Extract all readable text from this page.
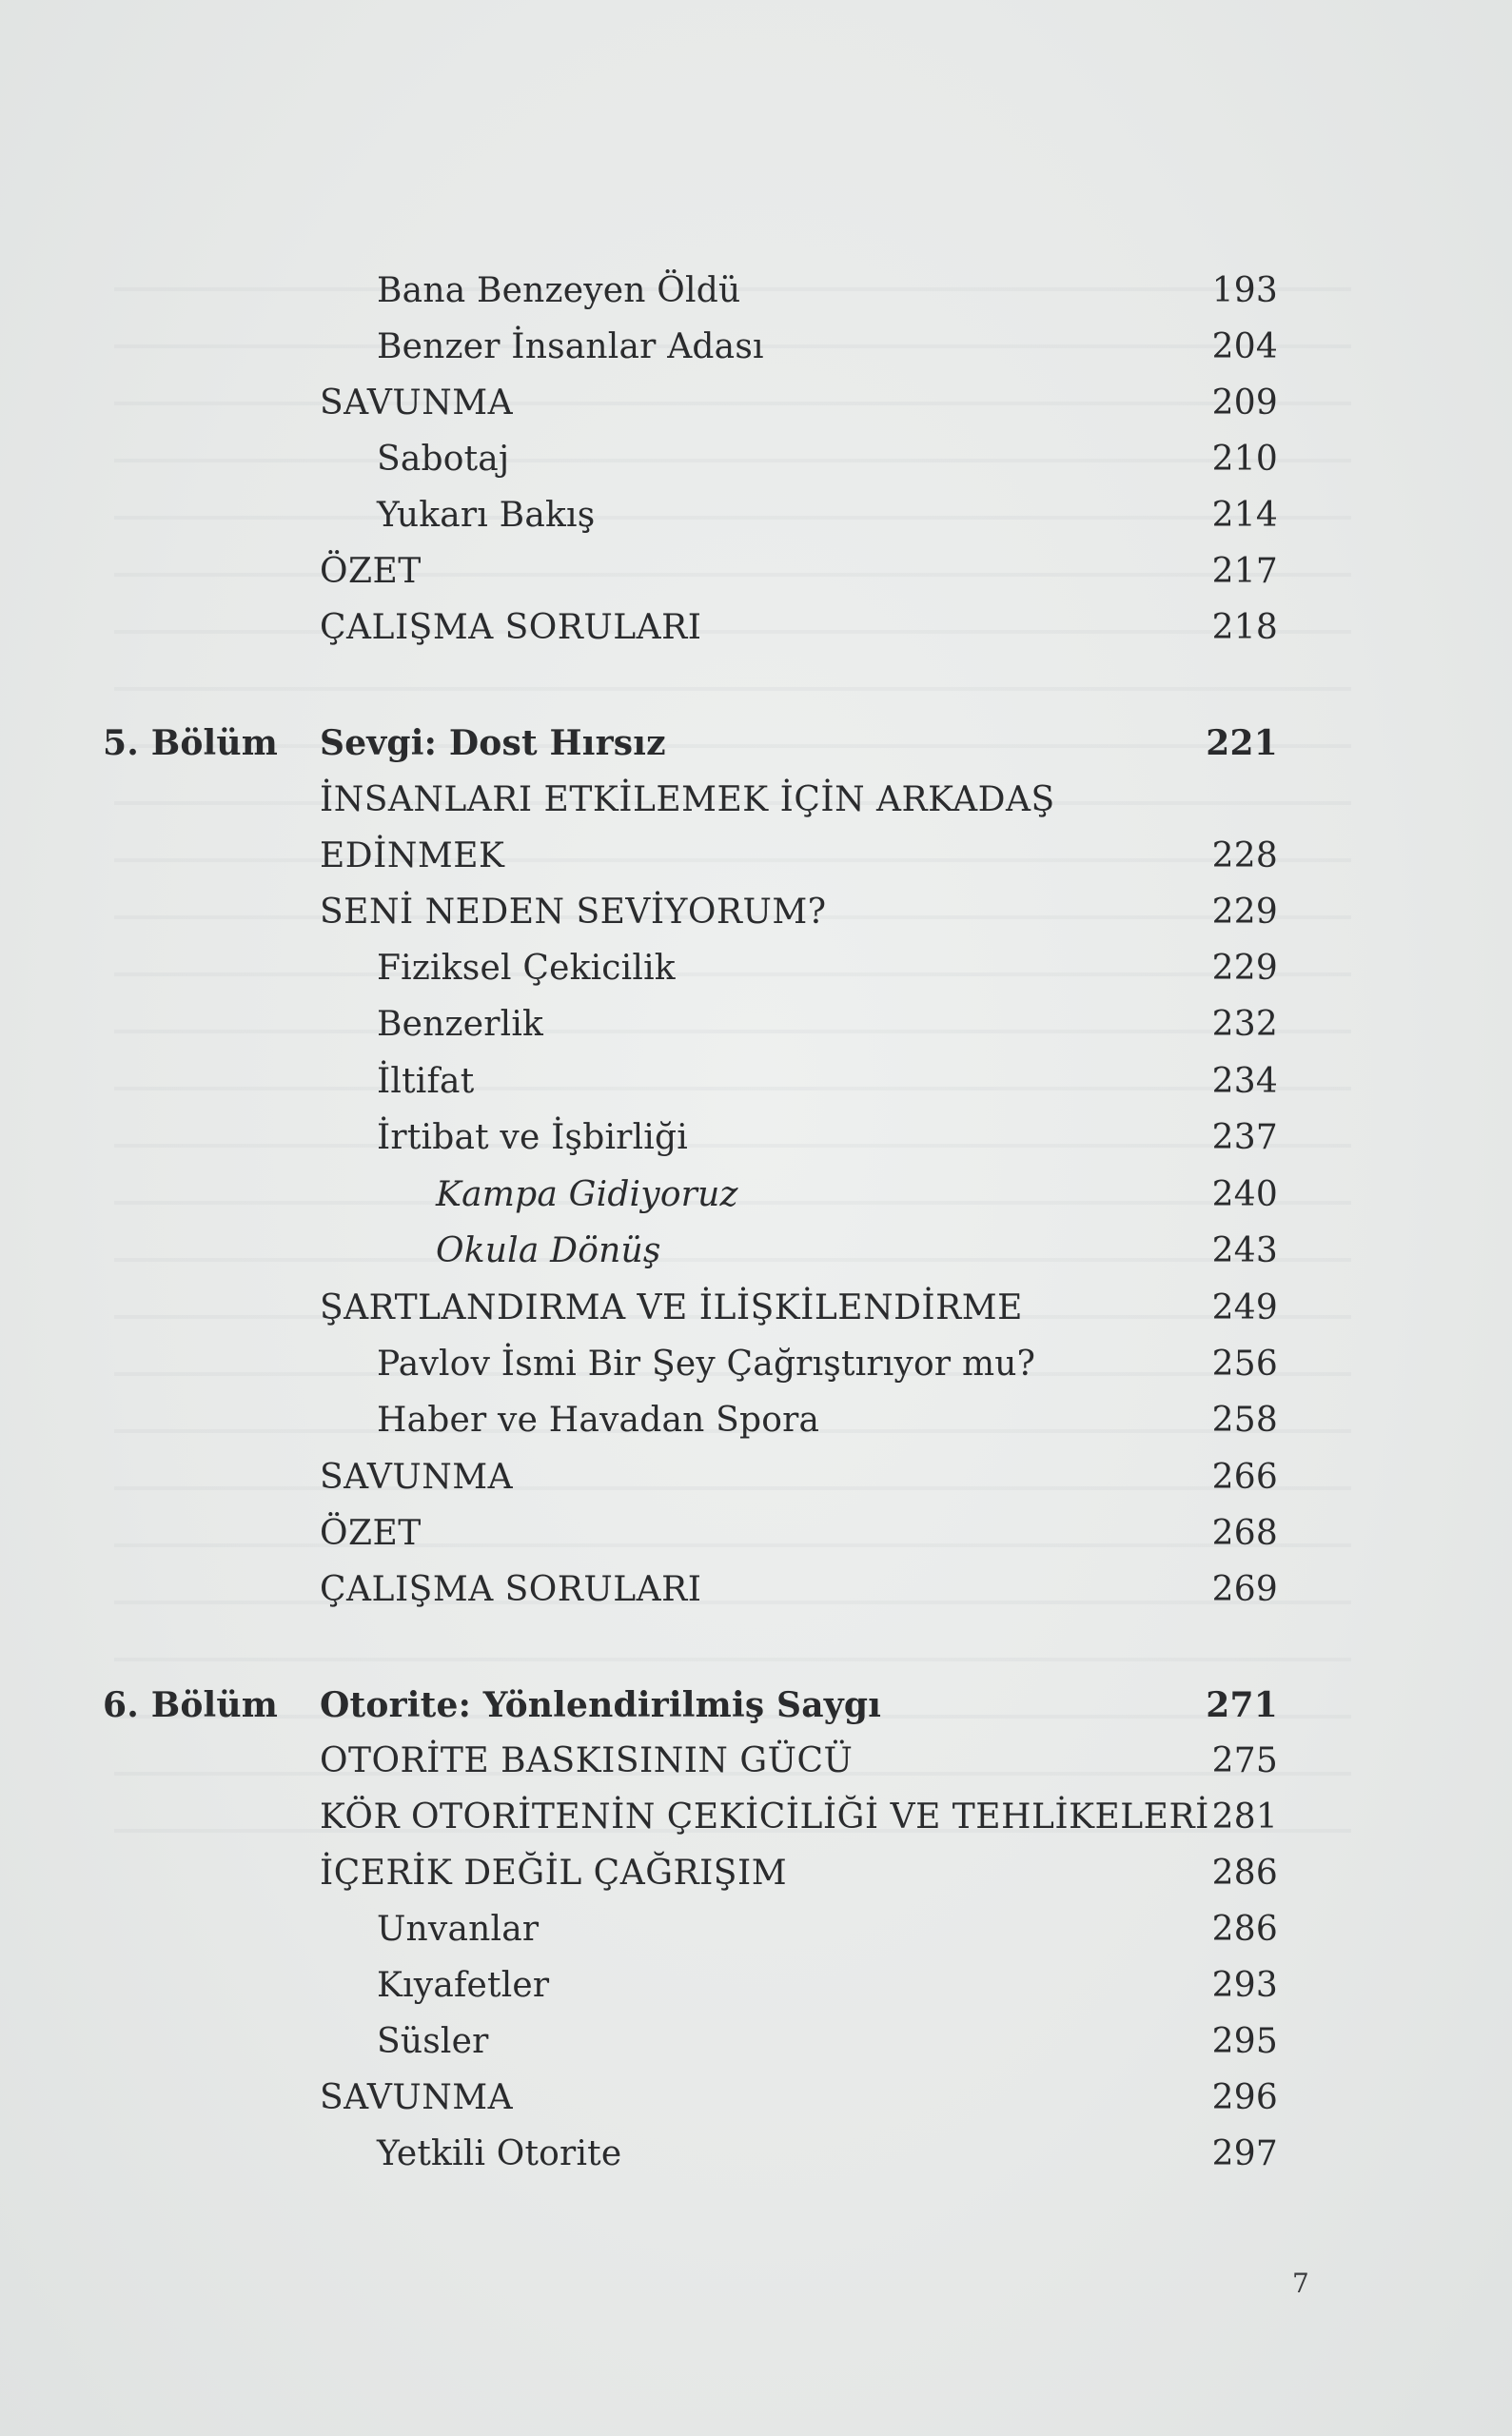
Bana Benzeyen Öldü	193
Benzer İnsanlar Adası	204
SAVUNMA	209
Sabotaj	210
Yukarı Bakış	214
ÖZET	217
ÇALIŞMA SORULARI	218
5. Bölüm Sevgi: Dost Hırsız	221
İNSANLARI ETKİLEMEK İÇİN ARKADAŞ
EDİNMEK	228
SENİ NEDEN SEVİYORUM?	229
Fiziksel Çekicilik	229
Benzerlik	232
İltifat	234
İrtibat ve İşbirliği	237
Kampa Gidiyoruz	240
Okula Dönüş	243
ŞARTLANDIRMA VE İLİŞKİLENDİRME	249
Pavlov İsmi Bir Şey Çağrıştırıyor mu?	256
Haber ve Havadan Spora	258
SAVUNMA	266
ÖZET	268
ÇALIŞMA SORULARI	269
6. Bölüm Otorite: Yönlendirilmiş Saygı	271
OTORİTE BASKISININ GÜCÜ	275
KÖR OTORİTENİN ÇEKİCİLİĞİ VE TEHLİKELERİ 281
İÇERİK DEĞİL ÇAĞRIŞIM	286
Unvanlar	286
Kıyafetler	293
Süsler	295
SAVUNMA	296
Yetkili Otorite	297
7
